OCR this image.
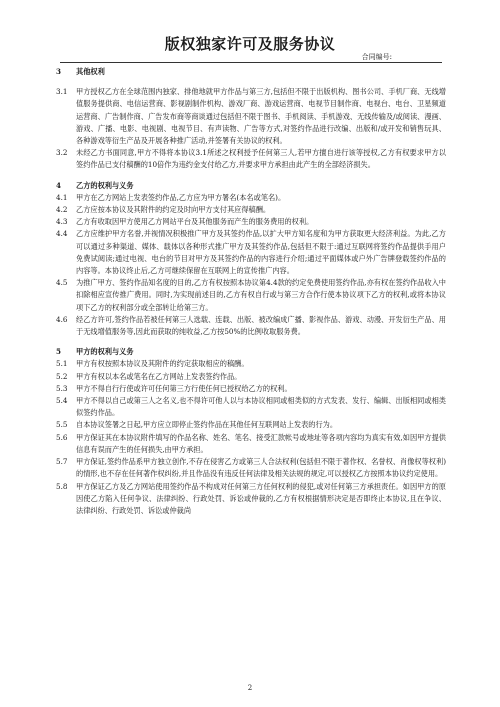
版权独家许可及服务协议
合同编号:
3	其他权利
3.1	甲方授权乙方在全球范围内独家、排他地就甲方作品与第三方,包括但不限于出版机构、图书公司、手机厂商、无线增值服务提供商、电信运营商、影视剧制作机构、游戏厂商、游戏运营商、电视节目制作商、电视台、电台、卫星频道运营商、广告制作商、广告发布商等商谈通过包括但不限于图书、手机阅读、手机游戏、无线传输及/或阅读、漫画、游戏、广播、电影、电视剧、电视节目、有声读物、广告等方式,对签约作品进行改编、出版和/或开发和销售玩具、各种游戏等衍生产品及开展各种推广活动,并签署有关协议的权利。
3.2	未经乙方书面同意,甲方不得将本协议3.1所述之权利授予任何第三人,若甲方擅自进行该等授权,乙方有权要求甲方以签约作品已支付稿酬的10倍作为违约金支付给乙方,并要求甲方承担由此产生的全部经济损失。
4	乙方的权利与义务
4.1	甲方在乙方网站上发表签约作品,乙方应为甲方署名(本名或笔名)。
4.2	乙方应按本协议及其附件的约定及时向甲方支付其应得稿酬。
4.3	乙方有收取因甲方使用乙方网站平台及其他服务而产生的服务费用的权利。
4.4	乙方应维护甲方名誉,并视情况积极推广甲方及其签约作品,以扩大甲方知名度和为甲方获取更大经济利益。为此,乙方可以通过多种渠道、媒体、载体以各种形式推广甲方及其签约作品,包括但不限于:通过互联网将签约作品提供手用户免费试阅读;通过电视、电台的节目对甲方及其签约作品的内容进行介绍;通过平面媒体或户外广告牌登载签约作品的内容等。本协议终止后,乙方可继续保留在互联网上的宣传推广内容。
4.5	为推广甲方、签约作品知名度的目的,乙方有权按照本协议第4.4款的约定免费使用签约作品,亦有权在签约作品收入中扣除相应宣传推广费用。同时,为实现前述目的,乙方有权自行或与第三方合作行使本协议项下乙方的权利,或将本协议项下乙方的权利部分或全部转让给第三方。
4.6	经乙方许可,签约作品若被任何第三人选载、连载、出版、被改编成广播、影视作品、游戏、动漫、开发衍生产品、用于无线增值服务等,因此而获取的纯收益,乙方按50%的比例收取服务费。
5	甲方的权利与义务
5.1	甲方有权按照本协议及其附件的约定获取相应的稿酬。
5.2	甲方有权以本名或笔名在乙方网站上发表签约作品。
5.3	甲方不得自行行使或许可任何第三方行使任何已授权给乙方的权利。
5.4	甲方不得以自己或第三人之名义,也不得许可他人以与本协议相同或相类似的方式发表、发行、编辑、出版相同或相类似签约作品。
5.5	自本协议签署之日起,甲方应立即停止签约作品在其他任何互联网站上发表的行为。
5.6	甲方保证其在本协议附件填写的作品名称、姓名、笔名、接受汇款帐号或地址等各项内容均为真实有效,如因甲方提供信息有误而产生的任何损失,由甲方承担。
5.7	甲方保证,签约作品系甲方独立创作,不存在侵害乙方或第三人合法权利(包括但不限于著作权、名誉权、肖像权等权利)的情形,也不存在任何著作权纠纷,并且作品没有违反任何法律及相关法规的规定,可以授权乙方按照本协议约定使用。
5.8	甲方保证乙方及乙方网站使用签约作品不构成对任何第三方任何权利的侵犯,或对任何第三方承担责任。如因甲方的原因使乙方陷入任何争议、法律纠纷、行政处罚、诉讼或仲裁的,乙方有权根据情形决定是否即终止本协议,且在争议、法律纠纷、行政处罚、诉讼或仲裁尚
2
